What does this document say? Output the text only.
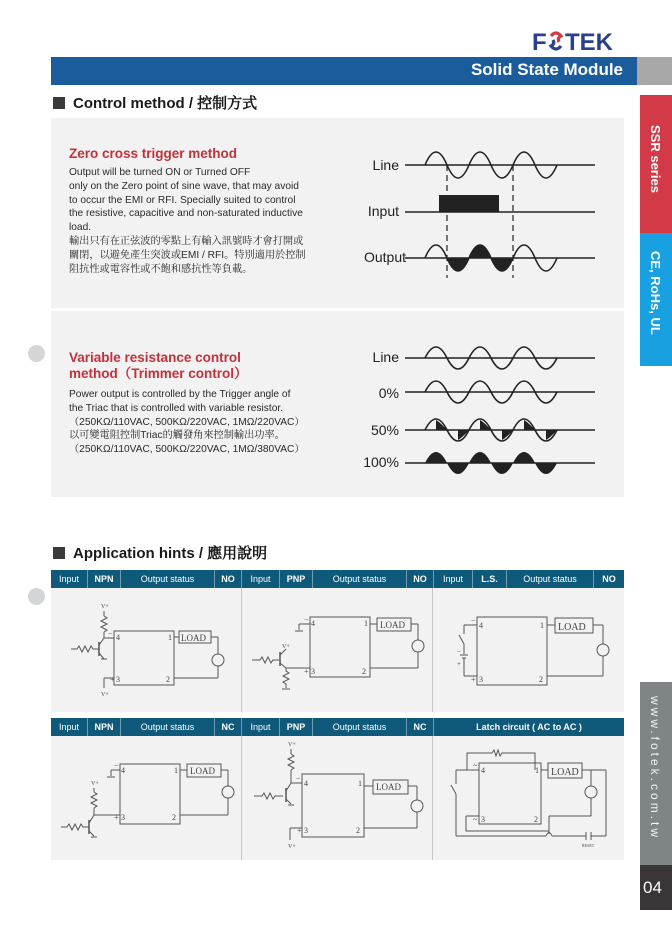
F TEK
Solid State Module
SSR series
CE, RoHs, UL
www.fotek.com.tw
04
Control method / 控制方式
Zero cross trigger method
Output will be turned ON or Turned OFF
only on the Zero point of sine wave, that may avoid
to occur the EMI or RFI. Specially suited to control
the resistive, capacitive and non-saturated inductive
load.
輸出只有在正弦波的零點上有輸入訊號時才會打開或
關閉，以避免產生突波或EMI / RFI。特別適用於控制
阻抗性或電容性或不飽和感抗性等負載。
Line
Input
Output
Variable resistance control
method（Trimmer control）
Power output is controlled by the Trigger angle of
the Triac that is controlled with variable resistor.
（250KΩ/110VAC, 500KΩ/220VAC, 1MΩ/220VAC）
以可變電阻控制Triac的觸發角來控制輸出功率。
（250KΩ/110VAC, 500KΩ/220VAC, 1MΩ/380VAC）
Line
0%
50%
100%
Application hints / 應用說明
Input	NPN	Output status	NO	Input	PNP	Output status	NO	Input	L.S.	Output status	NO
V+
V+
− 4	1
+ 3	2
LOAD
V+
− 4	1
+ 3	2
LOAD	−
4	1
−
+
+ 3	2
LOAD
Input	NPN	Output status	NC	Input	PNP	Output status	NC	Latch circuit ( AC to AC )
V+
−
4	1
+ 3	2
LOAD
V+
V+
−
4	1
+ 3	2
LOAD
~
4	1
~ 3	2
LOAD
RESET
